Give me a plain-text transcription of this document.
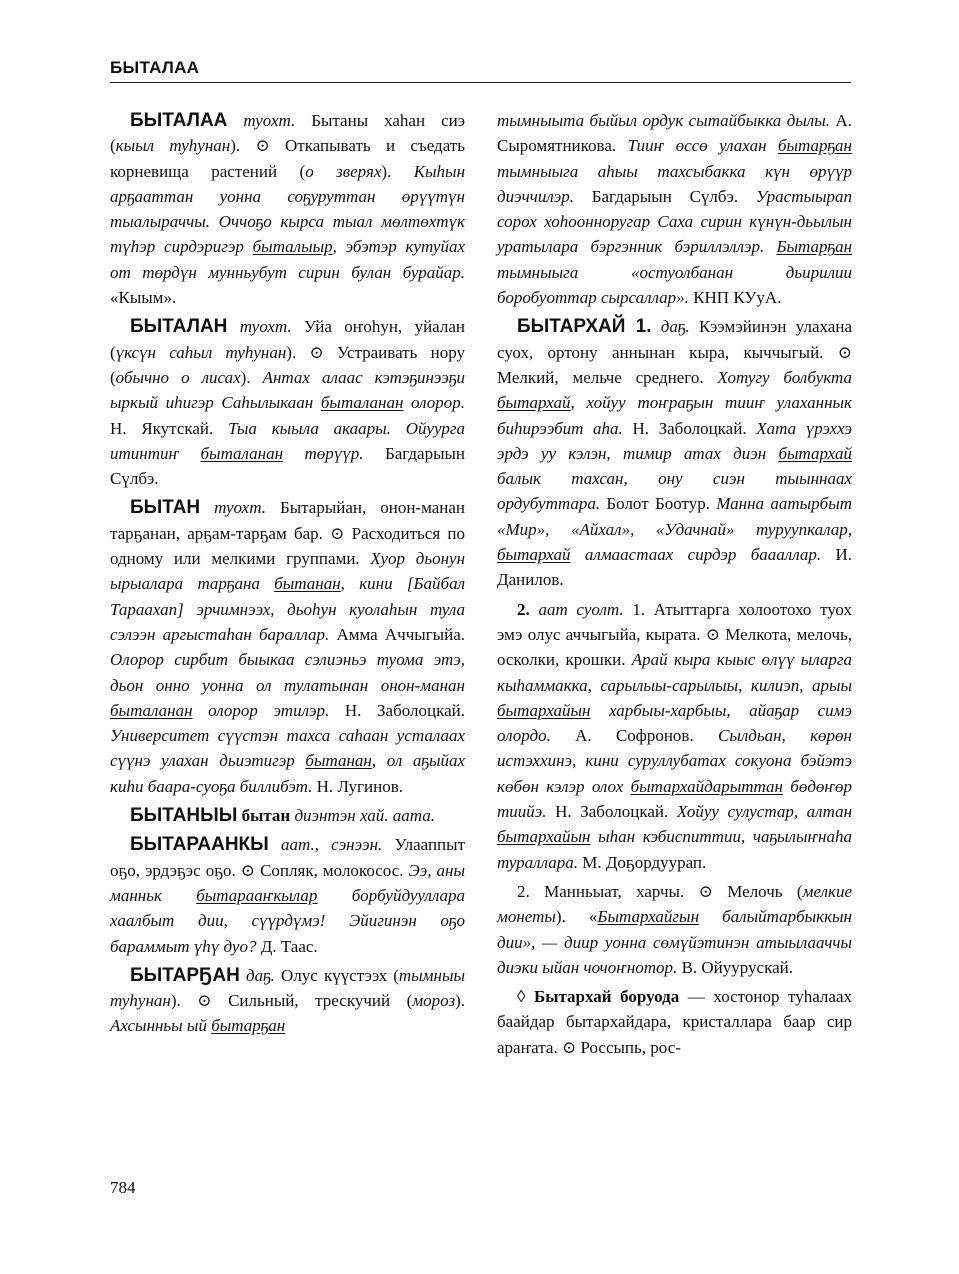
БЫТАЛАА

БЫТАЛАА туохт. Бытаны хаһан сиэ (кыыл туһунан). ⊙ Откапывать и съедать корневища растений (о зверях). Кыһын арҕааттан уонна соҕуруттан өрүүтүн тыалыраччы. Оччоҕо кырса тыал мөлтөхтүк түһэр сирдэригэр быталыыр, эбэтэр кутуйах от төрдүн мунньубут сирин булан бурайар. «Кыым».

БЫТАЛАН туохт. Уйа оҥоһун, уйалан (үксүн саһыл туһунан). ⊙ Устраивать нору (обычно о лисах). Антах алаас кэтэҕинээҕи ыркый иһигэр Саһылыкаан быталанан олорор. Н. Якутскай. Тыа кыыла акаары. Ойуурга итинтиҥ быталанан төрүүр. Багдарыын Сүлбэ.

БЫТАН туохт. Бытарыйан, онон-манан тарҕанан, арҕам-тарҕам бар. ⊙ Расходиться по одному или мелкими группами. Хуор дьонун ырыалара тарҕана бытанан, кини [Байбал Тараахап] эрчимнээх, дьоһун куолаһын тула сэлээн аргыстаһан бараллар. Амма Аччыгыйа. Олорор сирбит быыкаа сэлиэньэ туома этэ, дьон онно уонна ол тулатынан онон-манан быталанан олорор этилэр. Н. Заболоцкай. Университет сүүстэн тахса саһаан усталаах сүүнэ улахан дьиэтигэр бытанан, ол аҕыйах киһи баара-суоҕа биллибэт. Н. Лугинов.

БЫТАНЫЫ бытан диэнтэн хай. аата.

БЫТАРААНКЫ аат., сэнээн. Улааппыт оҕо, эрдэҕэс оҕо. ⊙ Сопляк, молокосос. Ээ, аны манньк бытарааҥкылар борбуйдууллара хаалбыт дии, сүүрдүмэ! Эйигинэн оҕо бараммыт үһү дуо? Д. Таас.

БЫТАРҔАН даҕ. Олус күүстээх (тымныы туһунан). ⊙ Сильный, трескучий (мороз). Ахсынньы ый бытарҕан

тымныыта быйыл ордук сытайбыкка дылы. А. Сыромятникова. Тииҥ өссө улахан бытарҕан тымныыга аһыы тахсыбакка күн өрүүр диэччилэр. Багдарыын Сүлбэ. Урастыырап сорох хоһоонноругар Саха сирин күнүн-дьылын уратылара бэргэнник бэриллэллэр. Бытарҕан тымныыга «остуолбанан дьирилии боробуоттар сырсаллар». КНП КУуА.

БЫТАРХАЙ 1. даҕ. Кээмэйинэн улахана суох, ортону аннынан кыра, кыччыгый. ⊙ Мелкий, мельче среднего. Хотугу болбукта бытархай, хойуу тоҥраҕын тииҥ улаханнык биһирээбит аһа. Н. Заболоцкай. Хата үрэххэ эрдэ уу кэлэн, тимир атах диэн бытархай балык тахсан, ону сиэн тыыннаах ордубуттара. Болот Боотур. Манна аатырбыт «Мир», «Айхал», «Удачнай» туруупкалар, бытархай алмаастаах сирдэр баааллар. И. Данилов.

2. аат суолт. 1. Атыттарга холоотохо туох эмэ олус аччыгыйа, кырата. ⊙ Мелкота, мелочь, осколки, крошки. Арай кыра кыыс өлүү ыларга кыһаммакка, сарылыы-сарылыы, килиэп, арыы бытархайын харбыы-харбыы, айаҕар симэ олордо. А. Софронов. Сылдьан, көрөн истэххинэ, кини суруллубатах сокуона бэйэтэ көбөн кэлэр олох бытархайдарыттан бөдөҥөр тиийэ. Н. Заболоцкай. Хойуу сулустар, алтан бытархайын ыһан кэбиспиттии, чаҕылыҥнаһа тураллара. М. Доҕордуурап.

2. Манньыат, харчы. ⊙ Мелочь (мелкие монеты). «Бытархайгын балыйтарбыккын дии», — диир уонна сөмүйэтинэн атыылааччы диэки ыйан чочоҥнотор. В. Ойуурускай.

◊ Бытархай боруода — хостонор туһалаах баайдар бытархайдара, кристаллара баар сир араҥата. ⊙ Россыпь, рос-

784
